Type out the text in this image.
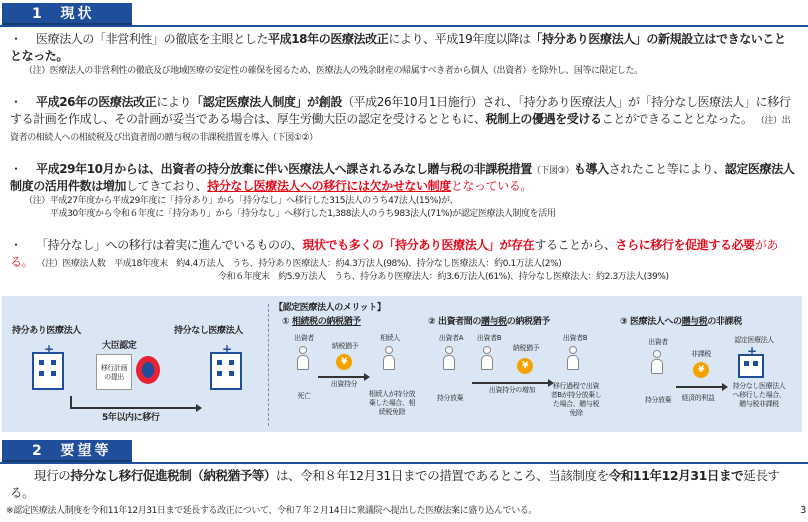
1 現状
・ 医療法人の「非営利性」の徹底を主眼とした平成18年の医療法改正により、平成19年度以降は「持分あり医療法人」の新規設立はできないこととなった。
（注）医療法人の非営利性の徹底及び地域医療の安定性の確保を図るため、医療法人の残余財産の帰属すべき者から個人（出資者）を除外し、国等に限定した。
・ 平成26年の医療法改正により「認定医療法人制度」が創設（平成26年10月1日施行）され、「持分あり医療法人」が「持分なし医療法人」に移行する計画を作成し、その計画が妥当である場合は、厚生労働大臣の認定を受けるとともに、税制上の優遇を受けることができることとなった。 （注）出資者の相続人への相続税及び出資者間の贈与税の非課税措置を導入（下図①②）
・ 平成29年10月からは、出資者の持分放棄に伴い医療法人へ課されるみなし贈与税の非課税措置（下図③）も導入されたこと等により、認定医療法人制度の活用件数は増加してきており、持分なし医療法人への移行には欠かせない制度となっている。
（注）平成27年度から平成29年度に「持分あり」から「持分なし」へ移行した315法人のうち47法人(15%)が、
平成30年度から令和６年度に「持分あり」から「持分なし」へ移行した1,388法人のうち983法人(71%)が認定医療法人制度を活用
・ 「持分なし」への移行は着実に進んでいるものの、現状でも多くの「持分あり医療法人」が存在することから、さらに移行を促進する必要がある。 （注）医療法人数　平成18年度末　約4.4万法人　うち、持分あり医療法人：約4.3万法人(98%)、持分なし医療法人：約0.1万法人(2%)
令和６年度末　約5.9万法人　うち、持分あり医療法人：約3.6万法人(61%)、持分なし医療法人：約2.3万法人(39%)
持分あり医療法人	持分なし医療法人
+	+
大臣認定
移行計画の提出
5年以内に移行
【認定医療法人のメリット】
① 相続税の納税猶予
出資者
死亡
納税猶予
¥
出資持分
相続人
相続人が持分放棄した場合、相続税免除
② 出資者間の贈与税の納税猶予
出資者A	出資者B
持分放棄
納税猶予
¥
出資持分の増加
出資者B
移行過程で出資者Bが持分放棄した場合、贈与税免除
③ 医療法人への贈与税の非課税
出資者
持分放棄
非課税
¥
経済的利益
認定医療法人
+
持分なし医療法人へ移行した場合、贈与税非課税
2 要望等
現行の持分なし移行促進税制（納税猶予等）は、令和８年12月31日までの措置であるところ、当該制度を令和11年12月31日まで延長する。
※認定医療法人制度を令和11年12月31日まで延長する改正について、令和７年２月14日に衆議院へ提出した医療法案に盛り込んでいる。	3
